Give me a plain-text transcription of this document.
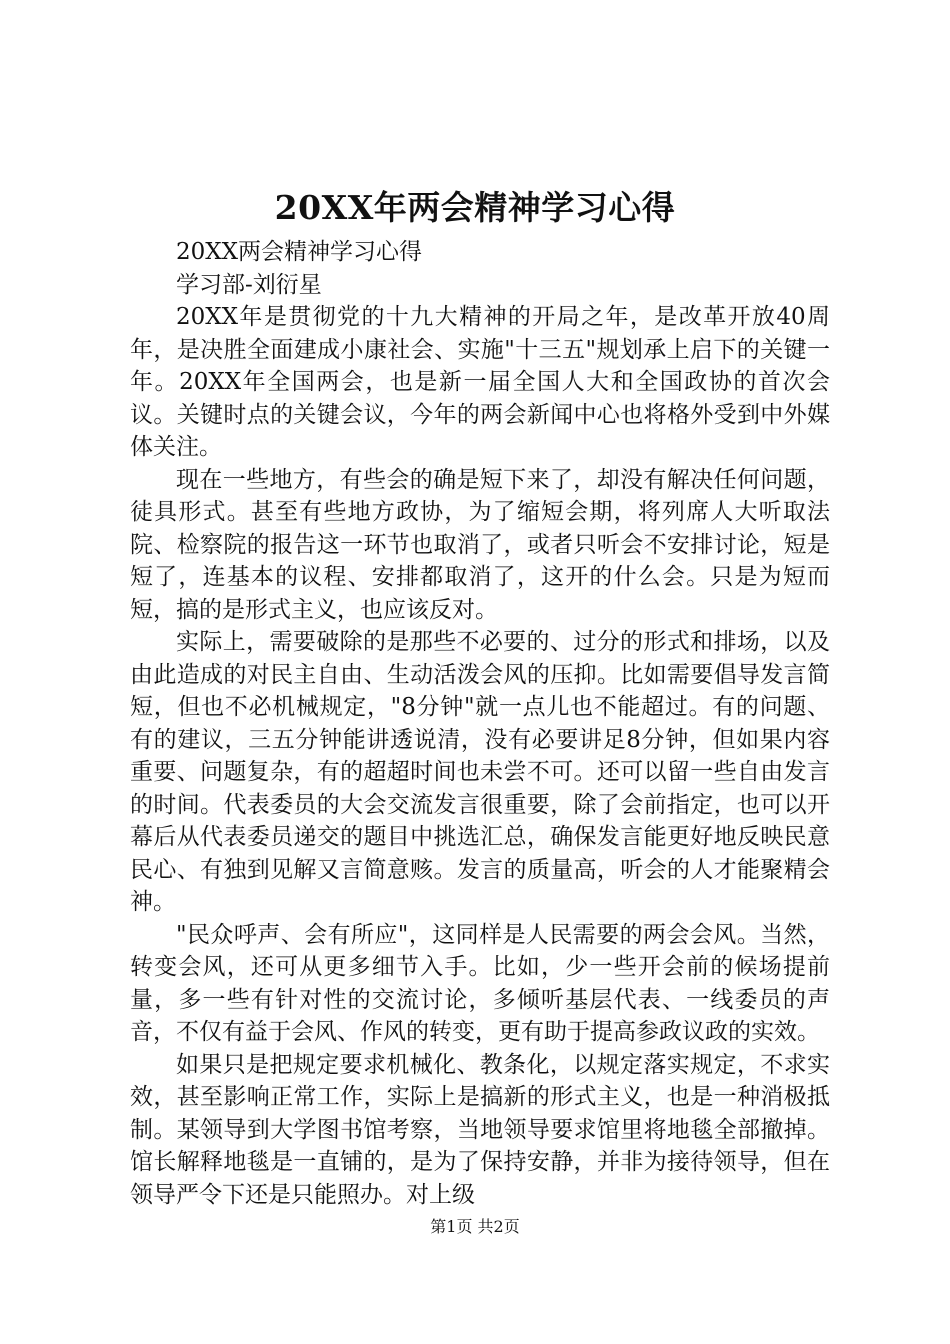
20XX年两会精神学习心得

20XX两会精神学习心得

学习部-刘衍星

20XX年是贯彻党的十九大精神的开局之年，是改革开放40周年，是决胜全面建成小康社会、实施"十三五"规划承上启下的关键一年。20XX年全国两会，也是新一届全国人大和全国政协的首次会议。关键时点的关键会议，今年的两会新闻中心也将格外受到中外媒体关注。

现在一些地方，有些会的确是短下来了，却没有解决任何问题，徒具形式。甚至有些地方政协，为了缩短会期，将列席人大听取法院、检察院的报告这一环节也取消了，或者只听会不安排讨论，短是短了，连基本的议程、安排都取消了，这开的什么会。只是为短而短，搞的是形式主义，也应该反对。

实际上，需要破除的是那些不必要的、过分的形式和排场，以及由此造成的对民主自由、生动活泼会风的压抑。比如需要倡导发言简短，但也不必机械规定，"8分钟"就一点儿也不能超过。有的问题、有的建议，三五分钟能讲透说清，没有必要讲足8分钟，但如果内容重要、问题复杂，有的超超时间也未尝不可。还可以留一些自由发言的时间。代表委员的大会交流发言很重要，除了会前指定，也可以开幕后从代表委员递交的题目中挑选汇总，确保发言能更好地反映民意民心、有独到见解又言简意赅。发言的质量高，听会的人才能聚精会神。

"民众呼声、会有所应"，这同样是人民需要的两会会风。当然，转变会风，还可从更多细节入手。比如，少一些开会前的候场提前量，多一些有针对性的交流讨论，多倾听基层代表、一线委员的声音，不仅有益于会风、作风的转变，更有助于提高参政议政的实效。

如果只是把规定要求机械化、教条化，以规定落实规定，不求实效，甚至影响正常工作，实际上是搞新的形式主义，也是一种消极抵制。某领导到大学图书馆考察，当地领导要求馆里将地毯全部撤掉。馆长解释地毯是一直铺的，是为了保持安静，并非为接待领导，但在领导严令下还是只能照办。对上级

第1页 共2页
